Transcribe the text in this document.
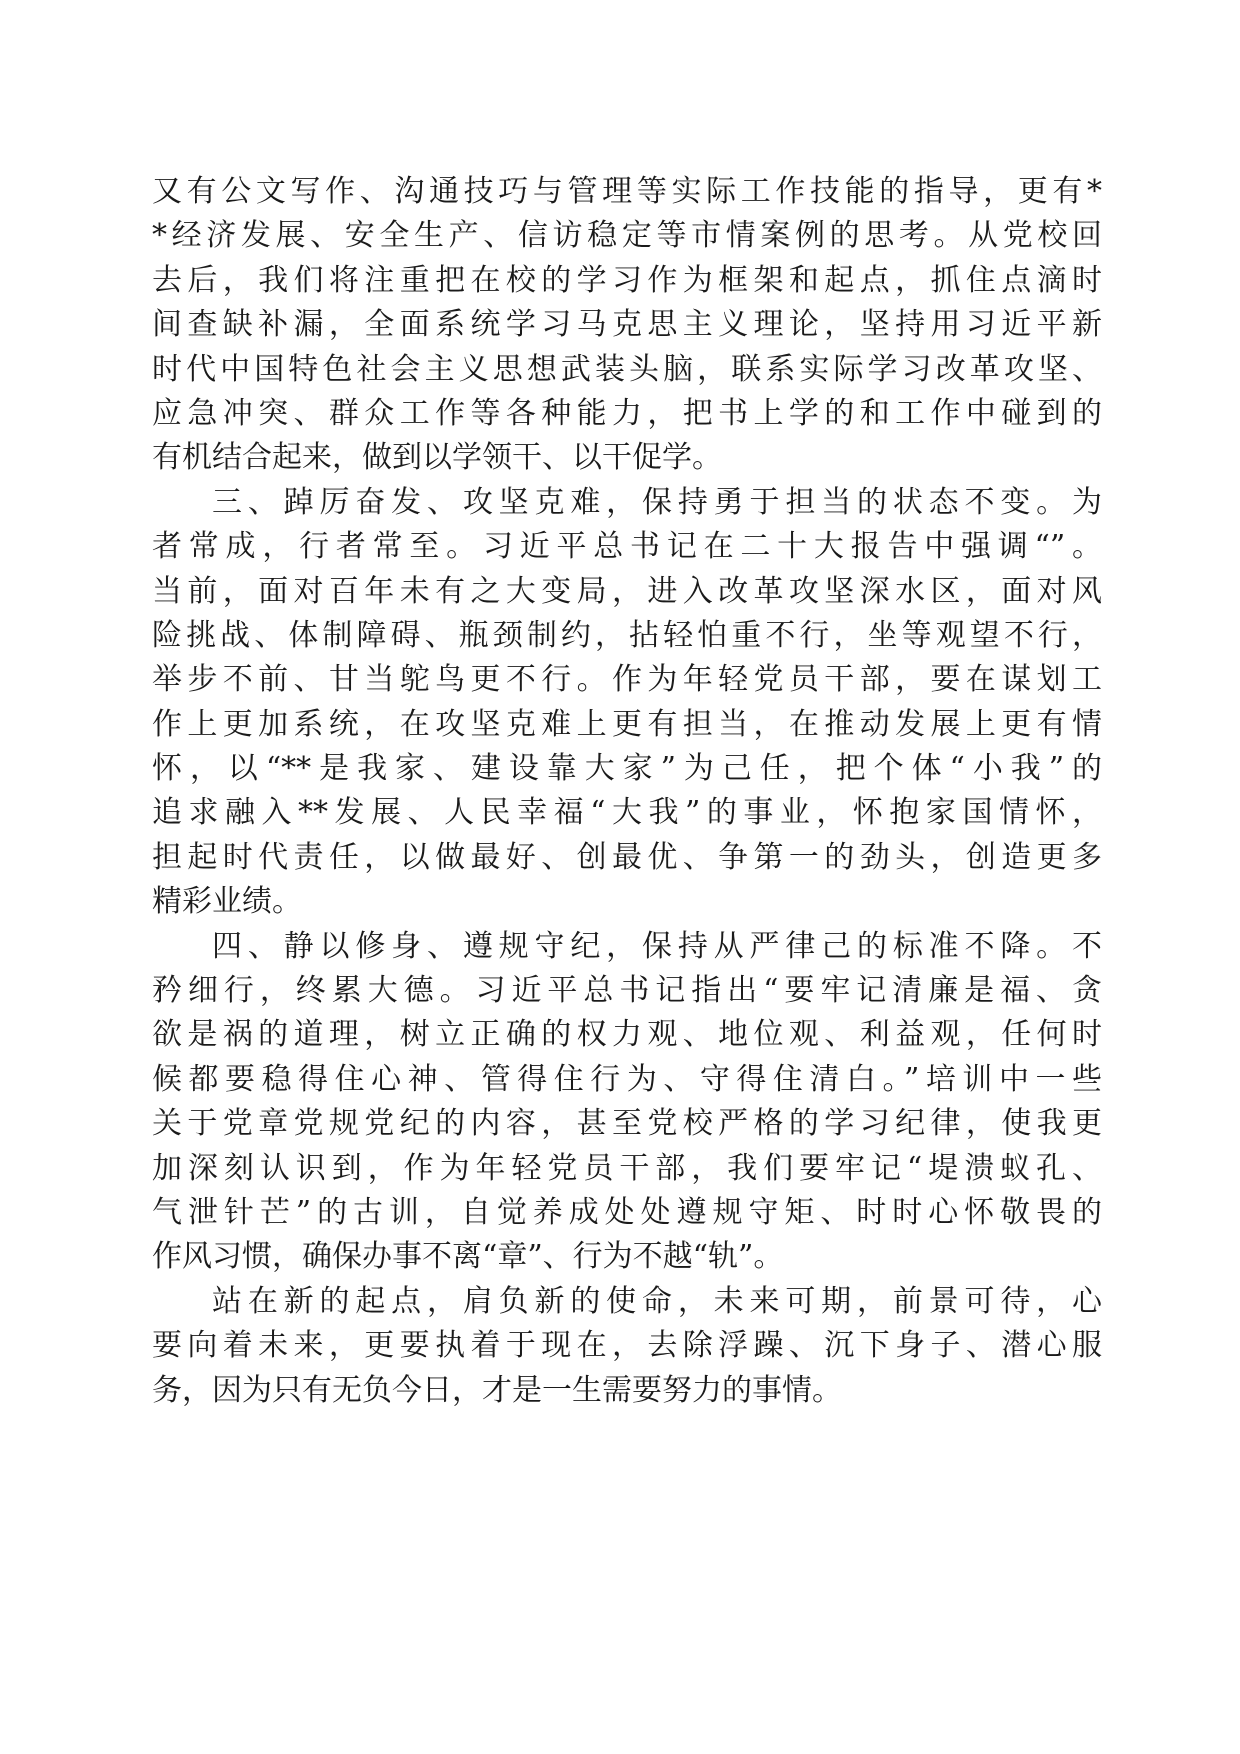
又有公文写作、沟通技巧与管理等实际工作技能的指导，更有*
*经济发展、安全生产、信访稳定等市情案例的思考。从党校回
去后，我们将注重把在校的学习作为框架和起点，抓住点滴时
间查缺补漏，全面系统学习马克思主义理论，坚持用习近平新
时代中国特色社会主义思想武装头脑，联系实际学习改革攻坚、
应急冲突、群众工作等各种能力，把书上学的和工作中碰到的
有机结合起来，做到以学领干、以干促学。
三、踔厉奋发、攻坚克难，保持勇于担当的状态不变。为
者常成，行者常至。习近平总书记在二十大报告中强调“”。
当前，面对百年未有之大变局，进入改革攻坚深水区，面对风
险挑战、体制障碍、瓶颈制约，拈轻怕重不行，坐等观望不行，
举步不前、甘当鸵鸟更不行。作为年轻党员干部，要在谋划工
作上更加系统，在攻坚克难上更有担当，在推动发展上更有情
怀，以“**是我家、建设靠大家”为己任，把个体“小我”的
追求融入**发展、人民幸福“大我”的事业，怀抱家国情怀，
担起时代责任，以做最好、创最优、争第一的劲头，创造更多
精彩业绩。
四、静以修身、遵规守纪，保持从严律己的标准不降。不
矜细行，终累大德。习近平总书记指出“要牢记清廉是福、贪
欲是祸的道理，树立正确的权力观、地位观、利益观，任何时
候都要稳得住心神、管得住行为、守得住清白。”培训中一些
关于党章党规党纪的内容，甚至党校严格的学习纪律，使我更
加深刻认识到，作为年轻党员干部，我们要牢记“堤溃蚁孔、
气泄针芒”的古训，自觉养成处处遵规守矩、时时心怀敬畏的
作风习惯，确保办事不离“章”、行为不越“轨”。
站在新的起点，肩负新的使命，未来可期，前景可待，心
要向着未来，更要执着于现在，去除浮躁、沉下身子、潜心服
务，因为只有无负今日，才是一生需要努力的事情。
